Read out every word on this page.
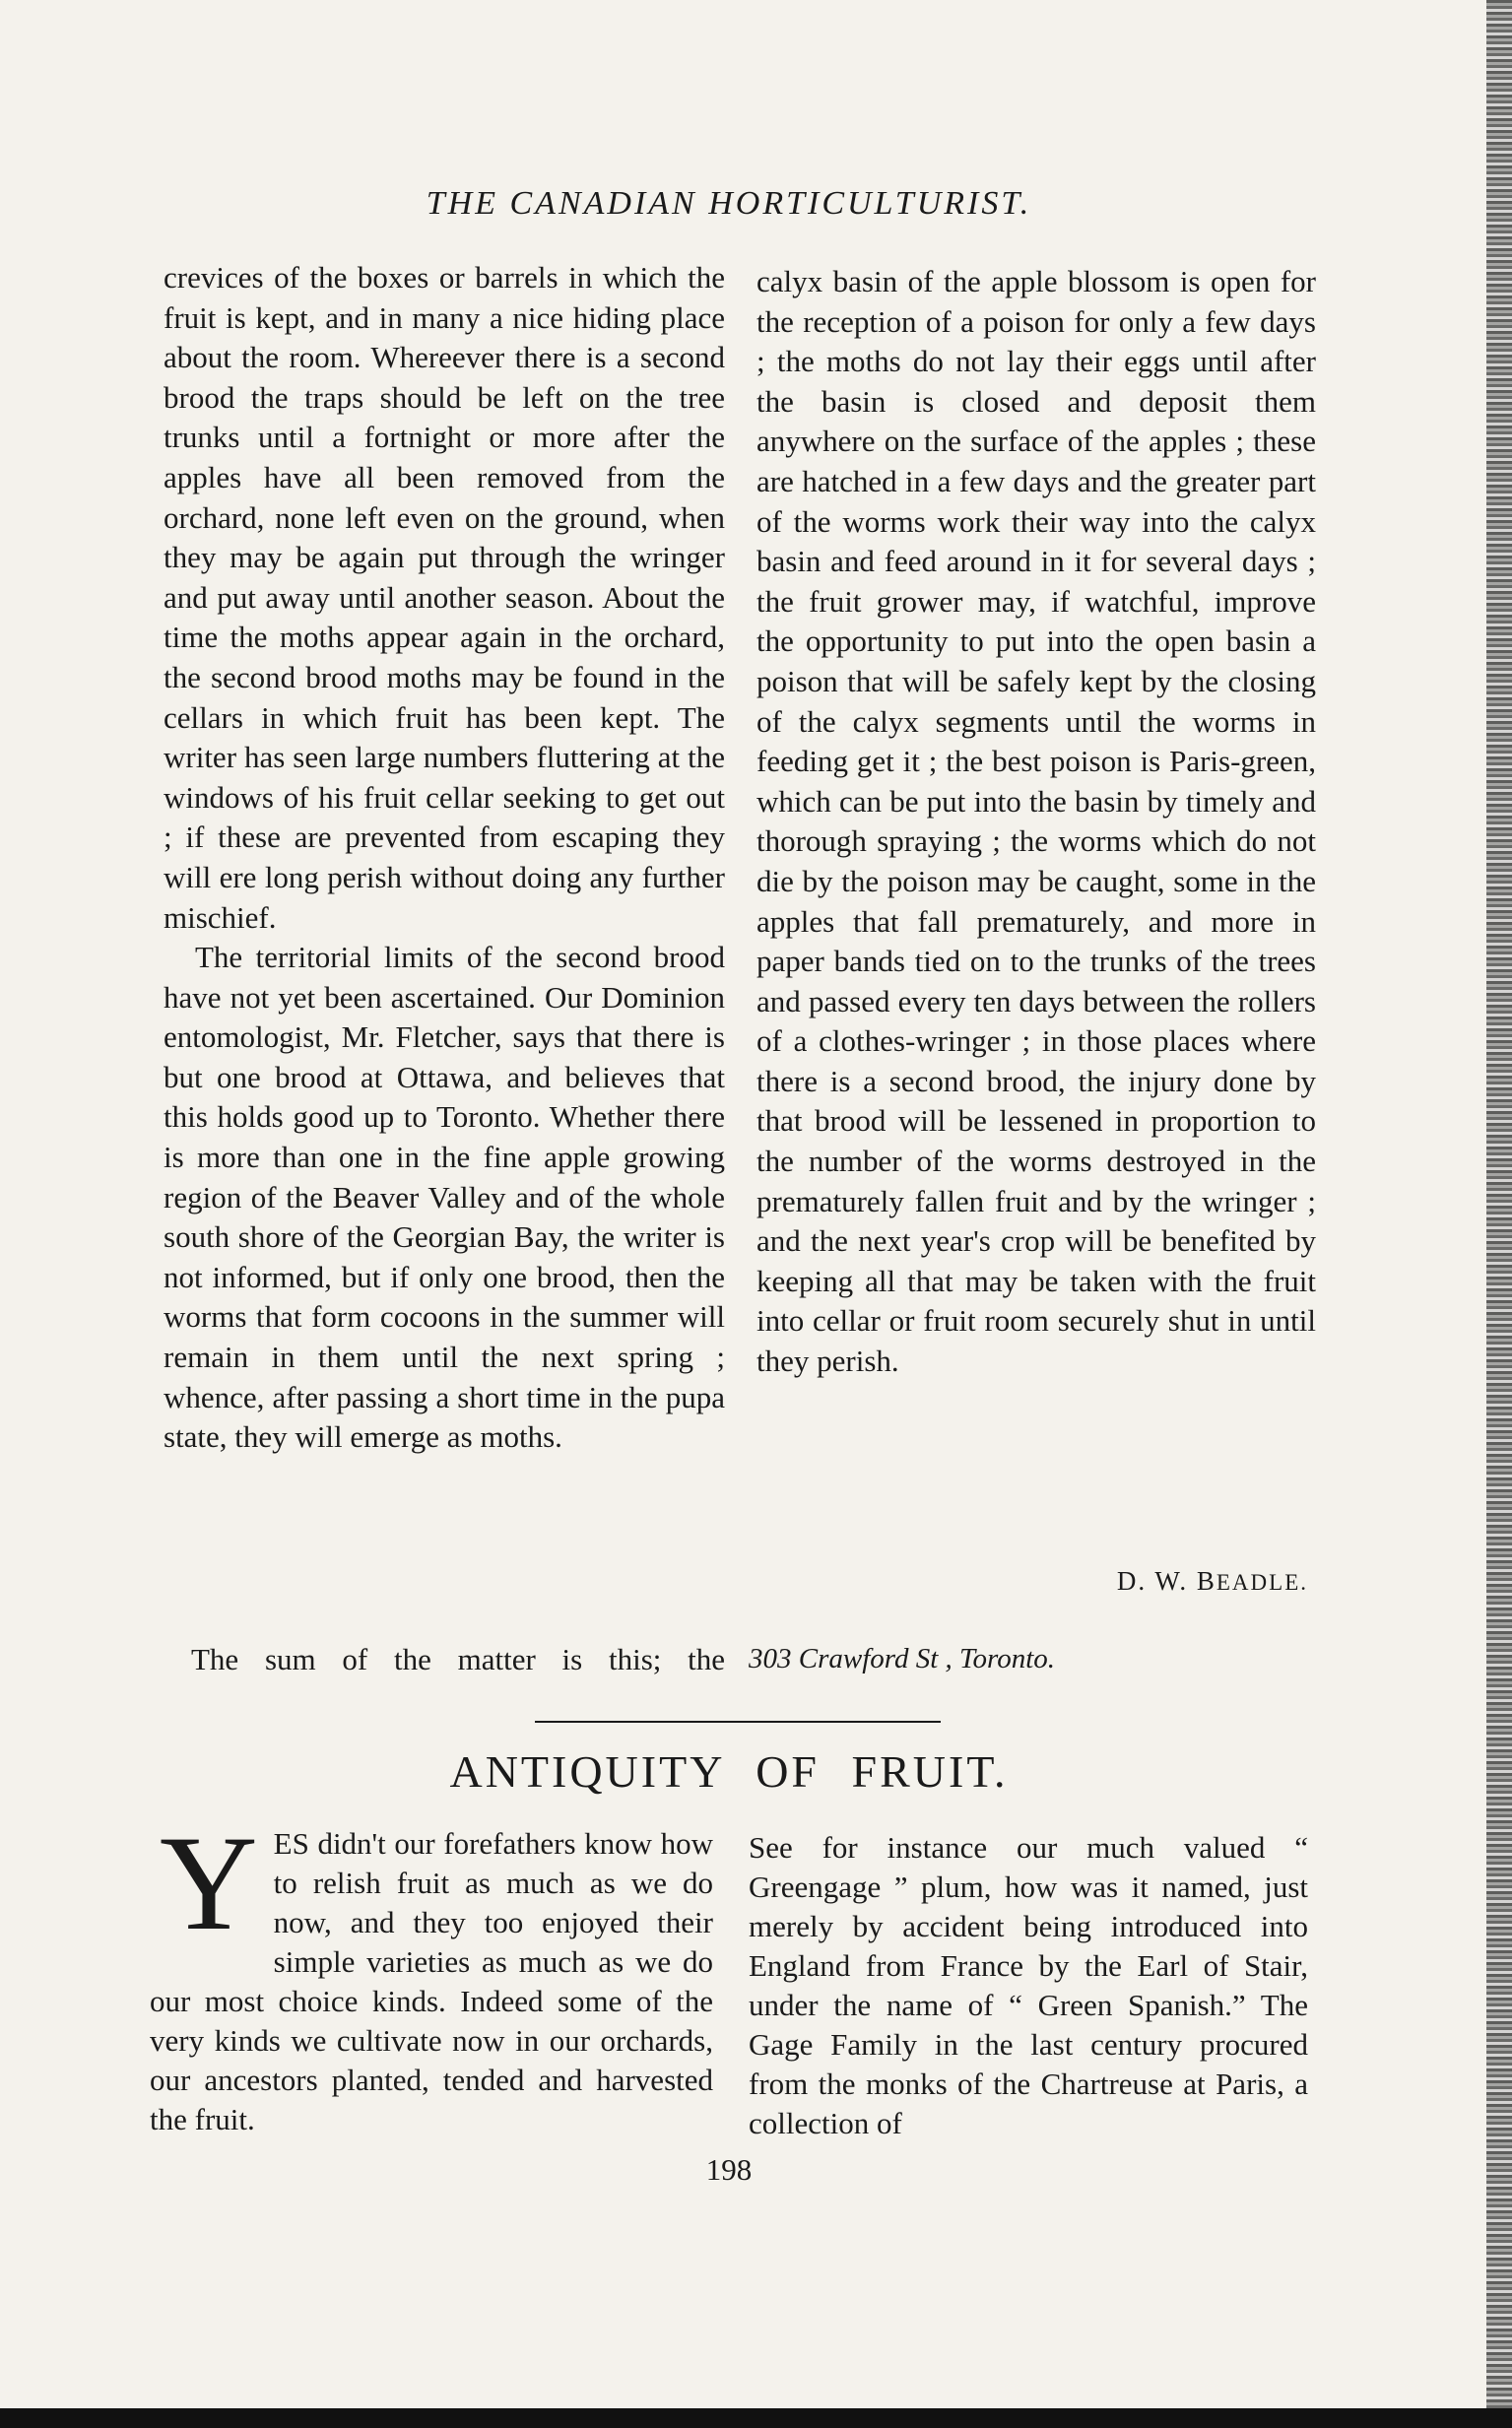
THE CANADIAN HORTICULTURIST.

crevices of the boxes or barrels in which the fruit is kept, and in many a nice hiding place about the room. Whereever there is a second brood the traps should be left on the tree trunks until a fortnight or more after the apples have all been removed from the orchard, none left even on the ground, when they may be again put through the wringer and put away until another season. About the time the moths appear again in the orchard, the second brood moths may be found in the cellars in which fruit has been kept. The writer has seen large numbers fluttering at the windows of his fruit cellar seeking to get out ; if these are prevented from escaping they will ere long perish without doing any further mischief.

The territorial limits of the second brood have not yet been ascertained. Our Dominion entomologist, Mr. Fletcher, says that there is but one brood at Ottawa, and believes that this holds good up to Toronto. Whether there is more than one in the fine apple growing region of the Beaver Valley and of the whole south shore of the Georgian Bay, the writer is not informed, but if only one brood, then the worms that form cocoons in the summer will remain in them until the next spring ; whence, after passing a short time in the pupa state, they will emerge as moths.

calyx basin of the apple blossom is open for the reception of a poison for only a few days ; the moths do not lay their eggs until after the basin is closed and deposit them anywhere on the surface of the apples ; these are hatched in a few days and the greater part of the worms work their way into the calyx basin and feed around in it for several days ; the fruit grower may, if watchful, improve the opportunity to put into the open basin a poison that will be safely kept by the closing of the calyx segments until the worms in feeding get it ; the best poison is Paris-green, which can be put into the basin by timely and thorough spraying ; the worms which do not die by the poison may be caught, some in the apples that fall prematurely, and more in paper bands tied on to the trunks of the trees and passed every ten days between the rollers of a clothes-wringer ; in those places where there is a second brood, the injury done by that brood will be lessened in proportion to the number of the worms destroyed in the prematurely fallen fruit and by the wringer ; and the next year's crop will be benefited by keeping all that may be taken with the fruit into cellar or fruit room securely shut in until they perish.

D. W. BEADLE.
The sum of the matter is this; the 303 Crawford St , Toronto.
ANTIQUITY OF FRUIT.

YES didn't our forefathers know how to relish fruit as much as we do now, and they too enjoyed their simple varieties as much as we do our most choice kinds. Indeed some of the very kinds we cultivate now in our orchards, our ancestors planted, tended and harvested the fruit.

See for instance our much valued “ Greengage ” plum, how was it named, just merely by accident being introduced into England from France by the Earl of Stair, under the name of “ Green Spanish.” The Gage Family in the last century procured from the monks of the Chartreuse at Paris, a collection of

198
